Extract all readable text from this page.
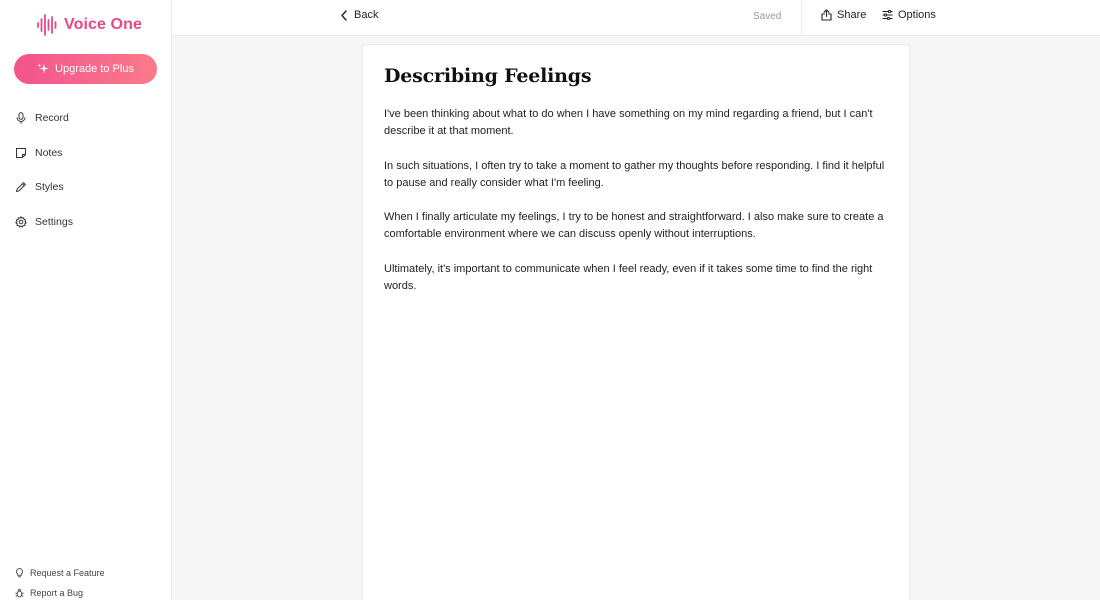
Voice One
Upgrade to Plus
Record
Notes
Styles
Settings
Request a Feature
Report a Bug
Back	Saved	Share	Options
Describing Feelings

I've been thinking about what to do when I have something on my mind regarding a friend, but I can't describe it at that moment.

In such situations, I often try to take a moment to gather my thoughts before responding. I find it helpful to pause and really consider what I'm feeling.

When I finally articulate my feelings, I try to be honest and straightforward. I also make sure to create a comfortable environment where we can discuss openly without interruptions.

Ultimately, it's important to communicate when I feel ready, even if it takes some time to find the right words.
